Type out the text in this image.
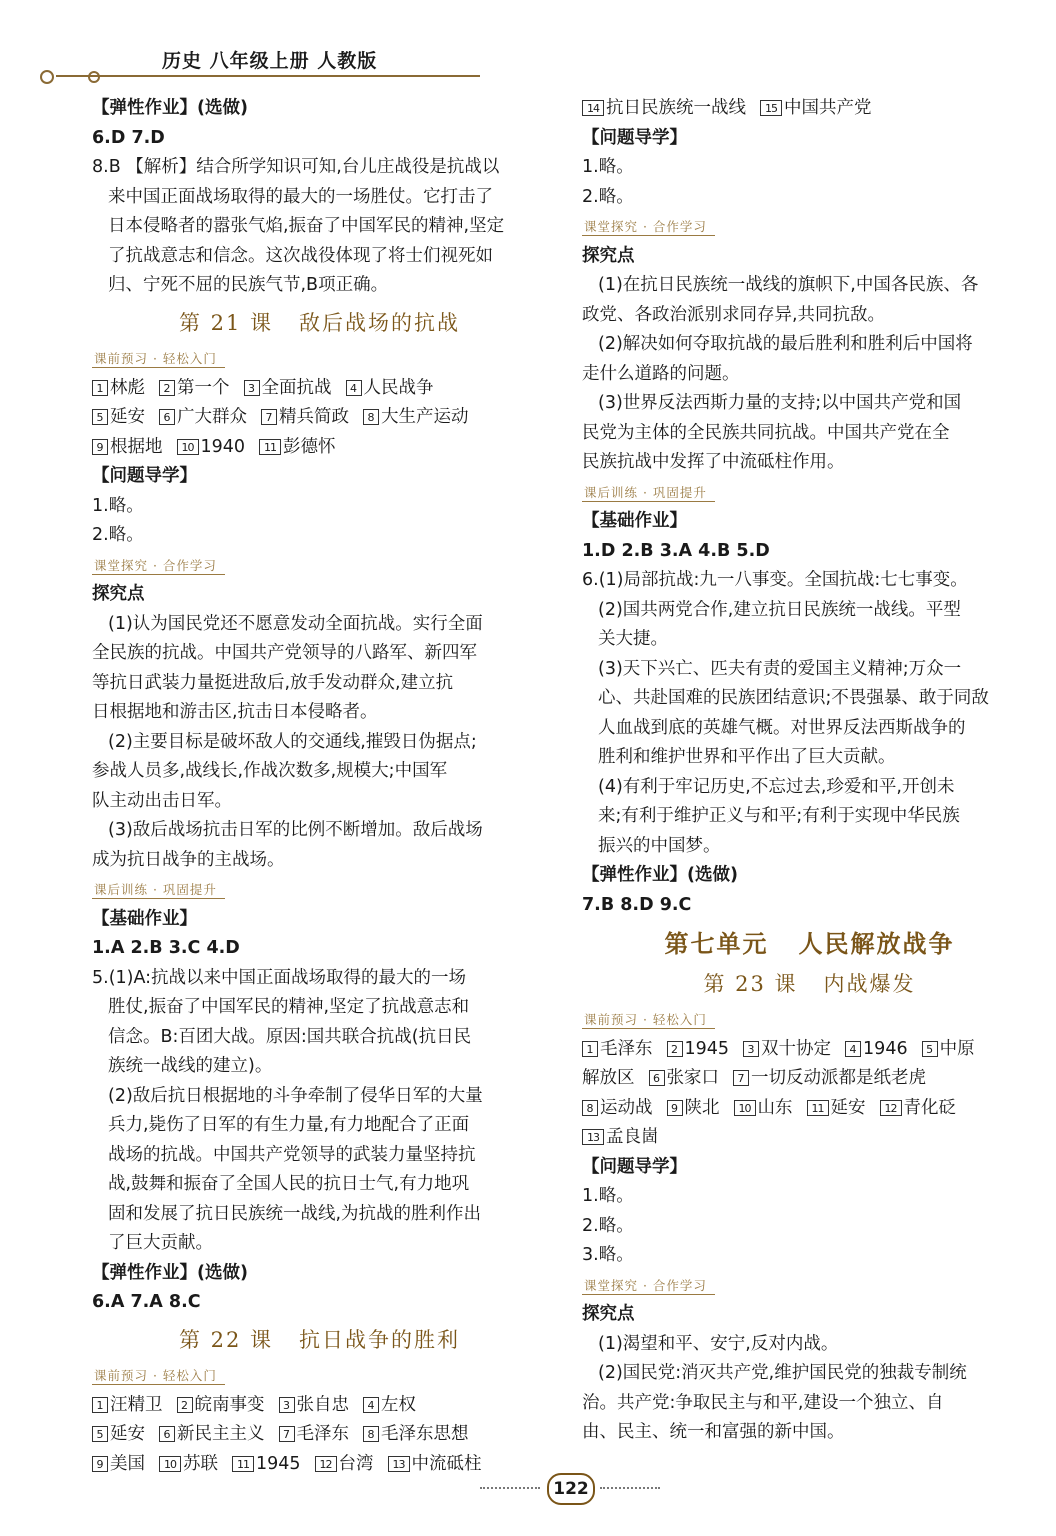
历史 八年级上册 人教版
【弹性作业】(选做)
6.D 7.D
8.B 【解析】结合所学知识可知,台儿庄战役是抗战以
来中国正面战场取得的最大的一场胜仗。它打击了
日本侵略者的嚣张气焰,振奋了中国军民的精神,坚定
了抗战意志和信念。这次战役体现了将士们视死如
归、宁死不屈的民族气节,B项正确。
第 21 课 敌后战场的抗战
课前预习 · 轻松入门
1 林彪 2 第一个 3 全面抗战 4 人民战争
5 延安 6 广大群众 7 精兵简政 8 大生产运动
9 根据地 10 1940 11 彭德怀
【问题导学】
1.略。
2.略。
课堂探究 · 合作学习
探究点
(1)认为国民党还不愿意发动全面抗战。实行全面
全民族的抗战。中国共产党领导的八路军、新四军
等抗日武装力量挺进敌后,放手发动群众,建立抗
日根据地和游击区,抗击日本侵略者。
(2)主要目标是破坏敌人的交通线,摧毁日伪据点;
参战人员多,战线长,作战次数多,规模大;中国军
队主动出击日军。
(3)敌后战场抗击日军的比例不断增加。敌后战场
成为抗日战争的主战场。
课后训练 · 巩固提升
【基础作业】
1.A 2.B 3.C 4.D
5.(1)A:抗战以来中国正面战场取得的最大的一场
胜仗,振奋了中国军民的精神,坚定了抗战意志和
信念。B:百团大战。原因:国共联合抗战(抗日民
族统一战线的建立)。
(2)敌后抗日根据地的斗争牵制了侵华日军的大量
兵力,毙伤了日军的有生力量,有力地配合了正面
战场的抗战。中国共产党领导的武装力量坚持抗
战,鼓舞和振奋了全国人民的抗日士气,有力地巩
固和发展了抗日民族统一战线,为抗战的胜利作出
了巨大贡献。
【弹性作业】(选做)
6.A 7.A 8.C
第 22 课 抗日战争的胜利
课前预习 · 轻松入门
1 汪精卫 2 皖南事变 3 张自忠 4 左权
5 延安 6 新民主主义 7 毛泽东 8 毛泽东思想
9 美国 10 苏联 11 1945 12 台湾 13 中流砥柱
14 抗日民族统一战线 15 中国共产党
【问题导学】
1.略。
2.略。
课堂探究 · 合作学习
探究点
(1)在抗日民族统一战线的旗帜下,中国各民族、各
政党、各政治派别求同存异,共同抗敌。
(2)解决如何夺取抗战的最后胜利和胜利后中国将
走什么道路的问题。
(3)世界反法西斯力量的支持;以中国共产党和国
民党为主体的全民族共同抗战。中国共产党在全
民族抗战中发挥了中流砥柱作用。
课后训练 · 巩固提升
【基础作业】
1.D 2.B 3.A 4.B 5.D
6.(1)局部抗战:九一八事变。全国抗战:七七事变。
(2)国共两党合作,建立抗日民族统一战线。平型
关大捷。
(3)天下兴亡、匹夫有责的爱国主义精神;万众一
心、共赴国难的民族团结意识;不畏强暴、敢于同敌
人血战到底的英雄气概。对世界反法西斯战争的
胜利和维护世界和平作出了巨大贡献。
(4)有利于牢记历史,不忘过去,珍爱和平,开创未
来;有利于维护正义与和平;有利于实现中华民族
振兴的中国梦。
【弹性作业】(选做)
7.B 8.D 9.C
第七单元 人民解放战争
第 23 课 内战爆发
课前预习 · 轻松入门
1 毛泽东 2 1945 3 双十协定 4 1946 5 中原
解放区 6 张家口 7 一切反动派都是纸老虎
8 运动战 9 陕北 10 山东 11 延安 12 青化砭
13 孟良崮
【问题导学】
1.略。
2.略。
3.略。
课堂探究 · 合作学习
探究点
(1)渴望和平、安宁,反对内战。
(2)国民党:消灭共产党,维护国民党的独裁专制统
治。共产党:争取民主与和平,建设一个独立、自
由、民主、统一和富强的新中国。
122
